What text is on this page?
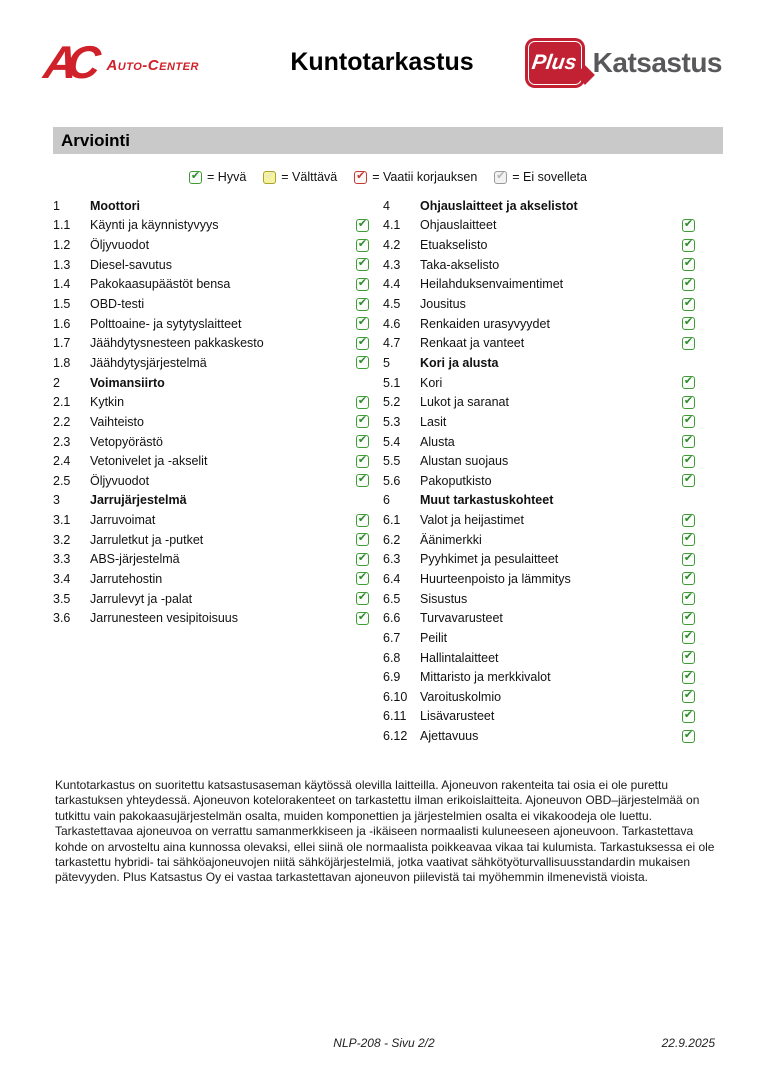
AC Auto-Center	Kuntotarkastus	Plus Katsastus
Arviointi
✔ = Hyvä ✔ = Välttävä ✔ = Vaatii korjauksen ✔ = Ei sovelleta
1	Moottori
1.1	Käynti ja käynnistyvyys	✔
1.2	Öljyvuodot	✔
1.3	Diesel-savutus	✔
1.4	Pakokaasupäästöt bensa	✔
1.5	OBD-testi	✔
1.6	Polttoaine- ja sytytyslaitteet	✔
1.7	Jäähdytysnesteen pakkaskesto	✔
1.8	Jäähdytysjärjestelmä	✔
2	Voimansiirto
2.1	Kytkin	✔
2.2	Vaihteisto	✔
2.3	Vetopyörästö	✔
2.4	Vetonivelet ja -akselit	✔
2.5	Öljyvuodot	✔
3	Jarrujärjestelmä
3.1	Jarruvoimat	✔
3.2	Jarruletkut ja -putket	✔
3.3	ABS-järjestelmä	✔
3.4	Jarrutehostin	✔
3.5	Jarrulevyt ja -palat	✔
3.6	Jarrunesteen vesipitoisuus	✔
4	Ohjauslaitteet ja akselistot
4.1	Ohjauslaitteet	✔
4.2	Etuakselisto	✔
4.3	Taka-akselisto	✔
4.4	Heilahduksenvaimentimet	✔
4.5	Jousitus	✔
4.6	Renkaiden urasyvyydet	✔
4.7	Renkaat ja vanteet	✔
5	Kori ja alusta
5.1	Kori	✔
5.2	Lukot ja saranat	✔
5.3	Lasit	✔
5.4	Alusta	✔
5.5	Alustan suojaus	✔
5.6	Pakoputkisto	✔
6	Muut tarkastuskohteet
6.1	Valot ja heijastimet	✔
6.2	Äänimerkki	✔
6.3	Pyyhkimet ja pesulaitteet	✔
6.4	Huurteenpoisto ja lämmitys	✔
6.5	Sisustus	✔
6.6	Turvavarusteet	✔
6.7	Peilit	✔
6.8	Hallintalaitteet	✔
6.9	Mittaristo ja merkkivalot	✔
6.10	Varoituskolmio	✔
6.11	Lisävarusteet	✔
6.12	Ajettavuus	✔
Kuntotarkastus on suoritettu katsastusaseman käytössä olevilla laitteilla. Ajoneuvon rakenteita tai osia ei ole purettu tarkastuksen yhteydessä. Ajoneuvon kotelorakenteet on tarkastettu ilman erikoislaitteita. Ajoneuvon OBD–järjestelmää on tutkittu vain pakokaasujärjestelmän osalta, muiden komponettien ja järjestelmien osalta ei vikakoodeja ole luettu. Tarkastettavaa ajoneuvoa on verrattu samanmerkkiseen ja -ikäiseen normaalisti kuluneeseen ajoneuvoon. Tarkastettava kohde on arvosteltu aina kunnossa olevaksi, ellei siinä ole normaalista poikkeavaa vikaa tai kulumista. Tarkastuksessa ei ole tarkastettu hybridi- tai sähköajoneuvojen niitä sähköjärjestelmiä, jotka vaativat sähkötyöturvallisuusstandardin mukaisen pätevyyden. Plus Katsastus Oy ei vastaa tarkastettavan ajoneuvon piilevistä tai myöhemmin ilmenevistä vioista.
NLP-208 - Sivu 2/2	22.9.2025
